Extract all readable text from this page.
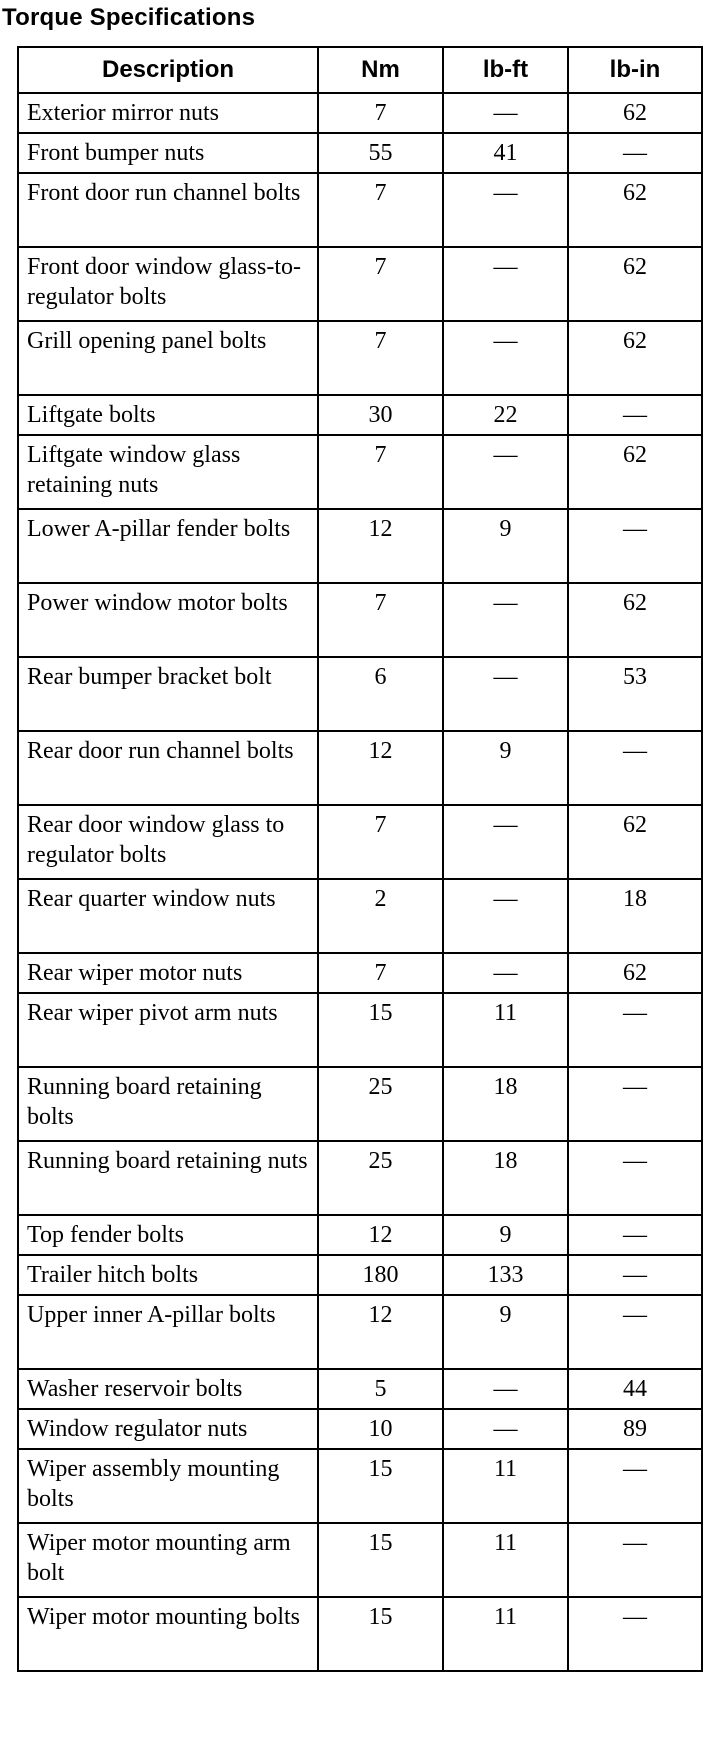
Torque Specifications
Description	Nm	lb-ft	lb-in
Exterior mirror nuts	7	—	62
Front bumper nuts	55	41	—
Front door run channel bolts	7	—	62
Front door window glass-to-regulator bolts	7	—	62
Grill opening panel bolts	7	—	62
Liftgate bolts	30	22	—
Liftgate window glass retaining nuts	7	—	62
Lower A-pillar fender bolts	12	9	—
Power window motor bolts	7	—	62
Rear bumper bracket bolt	6	—	53
Rear door run channel bolts	12	9	—
Rear door window glass to regulator bolts	7	—	62
Rear quarter window nuts	2	—	18
Rear wiper motor nuts	7	—	62
Rear wiper pivot arm nuts	15	11	—
Running board retaining bolts	25	18	—
Running board retaining nuts	25	18	—
Top fender bolts	12	9	—
Trailer hitch bolts	180	133	—
Upper inner A-pillar bolts	12	9	—
Washer reservoir bolts	5	—	44
Window regulator nuts	10	—	89
Wiper assembly mounting bolts	15	11	—
Wiper motor mounting arm bolt	15	11	—
Wiper motor mounting bolts	15	11	—
